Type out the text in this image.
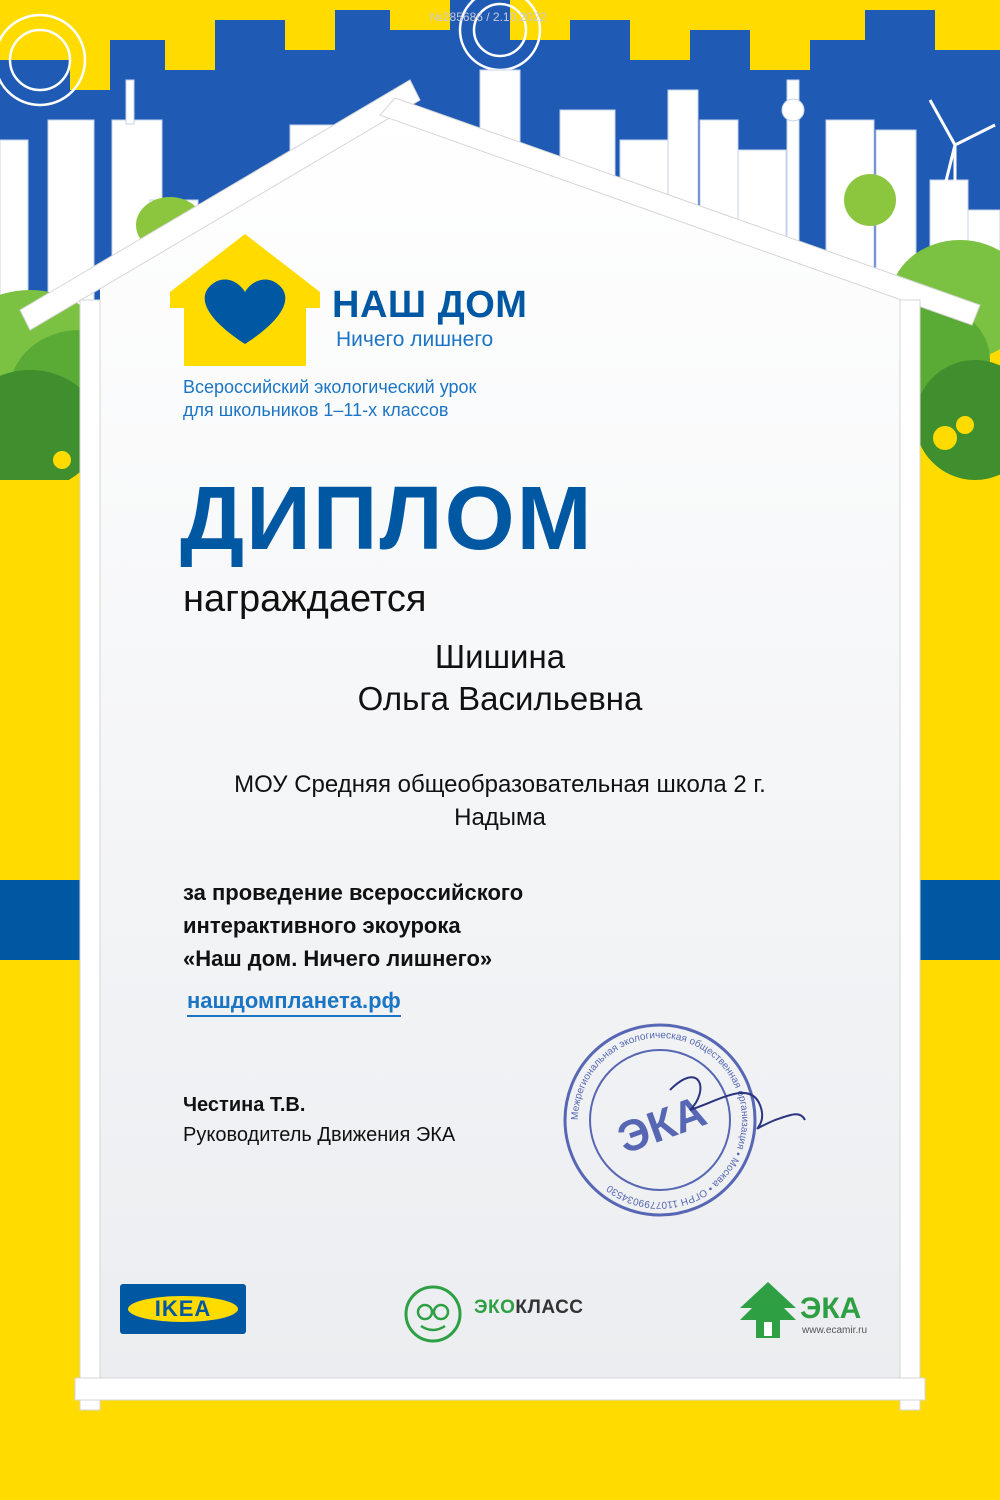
№285686 / 2.10.2022
НАШ ДОМ
Ничего лишнего
Всероссийский экологический урок
для школьников 1–11-х классов
ДИПЛОМ
награждается
Шишина
Ольга Васильевна
МОУ Средняя общеобразовательная школа 2 г.
Надыма
за проведение всероссийского
интерактивного экоурока
«Наш дом. Ничего лишнего»
нашдомпланета.рф
Честина Т.В.
Руководитель Движения ЭКА
Межрегиональная экологическая общественная организация • Москва • ОГРН 1107799034530
ЭКА
IKEA	ЭКОКЛАСС	ЭКА
www.ecamir.ru
